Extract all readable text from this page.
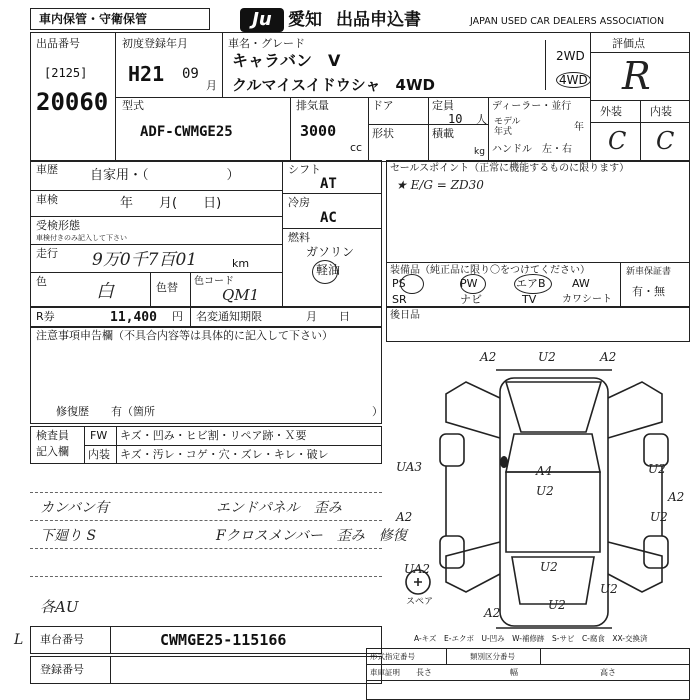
車内保管・守衛保管	Ju 愛知 出品申込書	JAPAN USED CAR DEALERS ASSOCIATION
出品番号
[2125]
20060
初度登録年月
H21 09
月
車名・グレード
キャラバン　V
クルマイスイドウシャ　4WD
2WD
4WD
評価点
R
外装	内装
C C
型式
ADF-CWMGE25
排気量
3000
cc
ドア
形状
定員
10 人
積載
kg
ディーラー・並行
モデル
年式	年
ハンドル　左・右
車歴 自家用・（　　　　　　）
車検	年　　月(　　日)
受検形態
車検付きのみ記入して下さい
走行 9万0千7百01	km
色	白	色替 色コード
QM1
シフト
AT
冷房
AC
燃料
ガソリン
軽油
セールスポイント（正常に機能するものに限ります）
★ E/G = ZD30
装備品（純正品に限り〇をつけてください）
PS	PW	エアB AW
SR	ナビ	TV	カワシート
新車保証書
有・無
R券	11,400 円 名変通知期限	月　　日	後日品
注意事項申告欄（不具合内容等は具体的に記入して下さい）
修復歴　　有（箇所	）
検査員
記入欄
FW キズ・凹み・ヒビ割・リペア跡・Ｘ要
内装 キズ・汚レ・コゲ・穴・ズレ・キレ・破レ
カンバン有
下廻り S
エンドパネル　歪み
Fクロスメンバー　歪み　修復
各AU
A2	U2	A2
UA3	A4
U2
A2
U2
A2
U2
U2
UA2
U2
A2
U2
スペア
A-キズ　E-エクボ　U-凹み　W-補修跡　S-サビ　C-腐食　XX-交換済
L 車台番号	CWMGE25-115166
登録番号
形式指定番号	類別区分番号
車庫証明 長さ	幅	高さ
